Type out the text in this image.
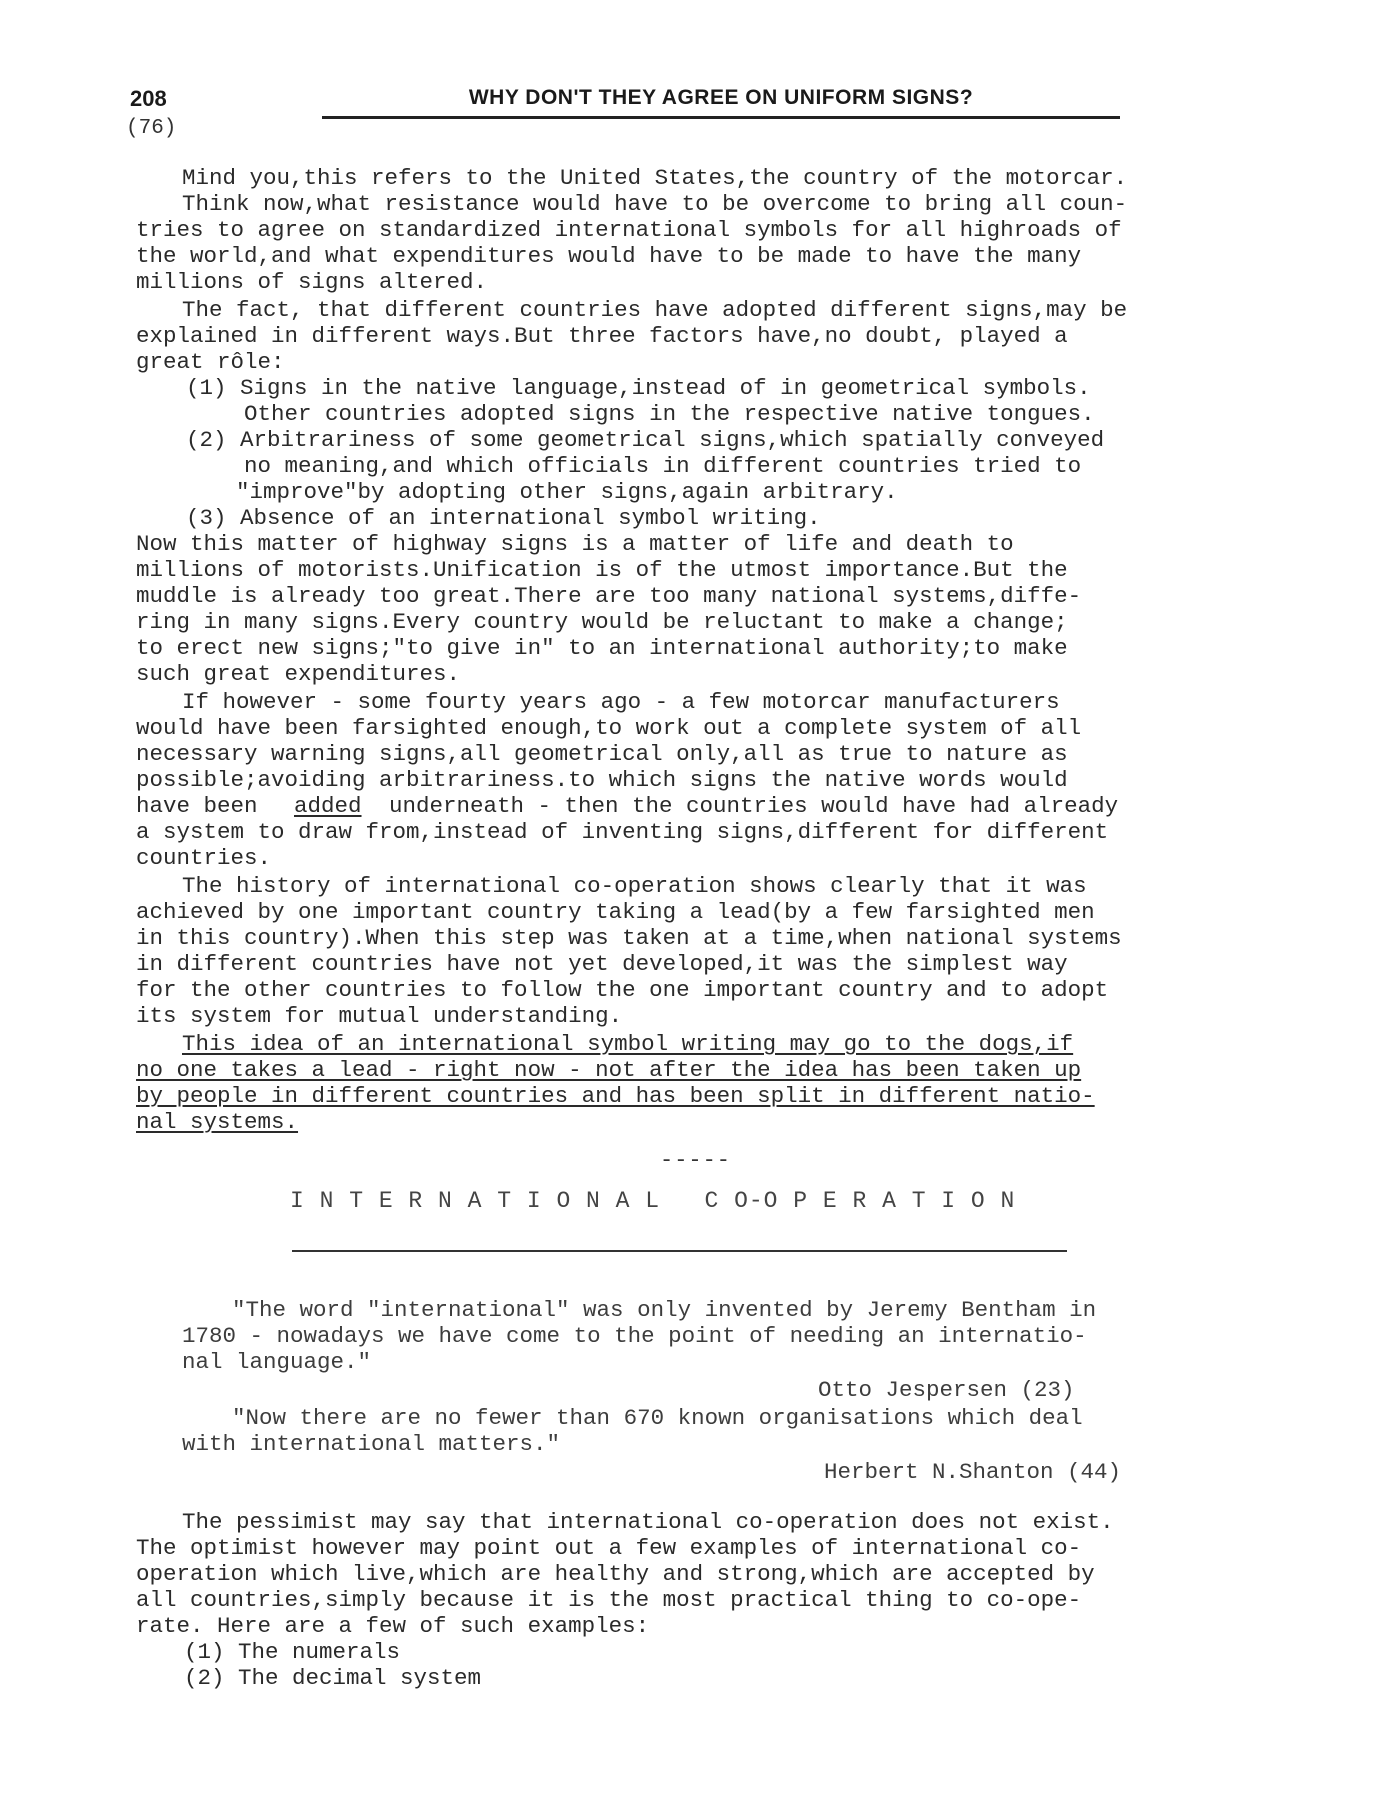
208	WHY DON'T THEY AGREE ON UNIFORM SIGNS?
(76)
Mind you,this refers to the United States,the country of the motorcar.
Think now,what resistance would have to be overcome to bring all coun-
tries to agree on standardized international symbols for all highroads of
the world,and what expenditures would have to be made to have the many
millions of signs altered.
The fact, that different countries have adopted different signs,may be
explained in different ways.But three factors have,no doubt, played a
great rôle:
(1) Signs in the native language,instead of in geometrical symbols.
Other countries adopted signs in the respective native tongues.
(2) Arbitrariness of some geometrical signs,which spatially conveyed
no meaning,and which officials in different countries tried to
"improve"by adopting other signs,again arbitrary.
(3) Absence of an international symbol writing.
Now this matter of highway signs is a matter of life and death to
millions of motorists.Unification is of the utmost importance.But the
muddle is already too great.There are too many national systems,diffe-
ring in many signs.Every country would be reluctant to make a change;
to erect new signs;"to give in" to an international authority;to make
such great expenditures.
If however - some fourty years ago - a few motorcar manufacturers
would have been farsighted enough,to work out a complete system of all
necessary warning signs,all geometrical only,all as true to nature as
possible;avoiding arbitrariness.to which signs the native words would
have been added underneath - then the countries would have had already
a system to draw from,instead of inventing signs,different for different
countries.
The history of international co-operation shows clearly that it was
achieved by one important country taking a lead(by a few farsighted men
in this country).When this step was taken at a time,when national systems
in different countries have not yet developed,it was the simplest way
for the other countries to follow the one important country and to adopt
its system for mutual understanding.
This idea of an international symbol writing may go to the dogs,if
no one takes a lead - right now - not after the idea has been taken up
by people in different countries and has been split in different natio-
nal systems.
-----
I N T E R N A T I O N A L   C O-O P E R A T I O N
"The word "international" was only invented by Jeremy Bentham in
1780 - nowadays we have come to the point of needing an internatio-
nal language."
Otto Jespersen (23)
"Now there are no fewer than 670 known organisations which deal
with international matters."
Herbert N.Shanton (44)
The pessimist may say that international co-operation does not exist.
The optimist however may point out a few examples of international co-
operation which live,which are healthy and strong,which are accepted by
all countries,simply because it is the most practical thing to co-ope-
rate. Here are a few of such examples:
(1) The numerals
(2) The decimal system
